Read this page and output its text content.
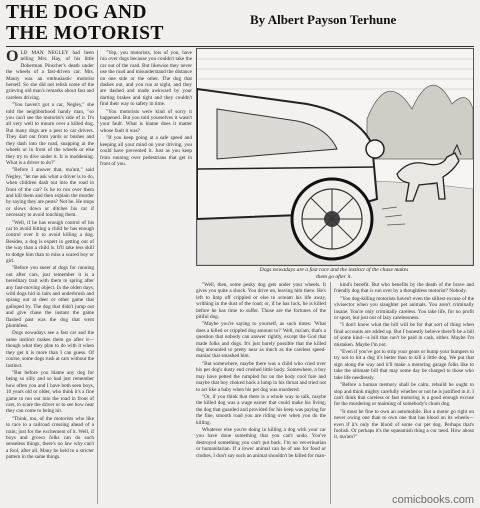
THE DOG AND
THE MOTORIST
By Albert Payson Terhune

OLD MAN NEGLEY had been telling Mrs. Hay, of his little Doberman Pinscher's death under the wheels of a fast-driven car. Mrs. Mauty was an enthusiastic motorist herself. So she did not relish some of the grieving old man's remarks about fast and careless driving.

"You haven't got a car, Negley," she told the neighborhood handy man, "so you can't see the motorist's side of it. It's all very well to mourn over a killed dog. But many dogs are a pest to car drivers. They dart out from yards or bushes and they dash into the road, snapping at the wheels or in front of the wheels or else they try to dive under it. It is maddening. What is a driver to do?"

"Before I answer that, ma'am," said Negley, "let me ask what a driver is to do, when children dash out into the road in front of the car? Is he to run over them and kill them and then explain the murder by saying they are pests? Not he. He stops or slows down or ditches his car if necessary to avoid touching them.

"Well, if he has enough control of his car to avoid hitting a child he has enough control over it to avoid killing a dog. Besides, a dog is expert in getting out of the way than a child is. It'll take less skill to dodge him than to miss a scared boy or girl.

"Before you sneer at dogs for running out after cars, just remember it is a hereditary trait with them to spring after any fast-moving object. In the olden days, wild dogs hid in lairs and underbrush and sprang out at deer or other game that galloped by. The dog that didn't jump out and give chase the instant the game flashed past was the dog that went plumbless.

Dogs nowadays see a fast car and the same instinct makes them go after it—though what they plan to do with it when they get it is more than I can guess. Of course, some dogs rush at cars without the instinct.

"But before you blame any dog for being so silly and so bad just remember how often you and I have both seen boys, 10 years old or older, who think it's a fine game to run out into the road in front of cars, to scare the driver or to see how near they can come to being hit.

"Think, too, of the motorists who like to race to a railroad crossing ahead of a train; just for the excitement of it. Well, if boys and grown folks can do such senseless things, there's no law why can't a fool, after all. Many be held to a stricter pattern in the same things.

"Yep, you motorists, lots of you, have run over dogs because you couldn't take the car out of the road. But likewise they never use the road and misunderstand the distance on one side or the other. The dog that dashes out, and you run at sight, and they are dashed and made awkward by your darting brakes and tight and they couldn't find their way to safety in time.

"You motorists were kind of sorry it happened. But you told yourselves it wasn't your fault. What is blame does it matter whose fault it was?

"If you keep going at a safe speed and keeping all your mind on your driving, you could have prevented it. Just as you keep from running over pedestrians that get in front of you.

Dogs nowadays are a fast race and the instinct of the chase makes
them go after it.

"Well, then, some pesky dog gets under your wheels. It gives you quite a shock. You drive on, leaving him there. He's left to limp off crippled or else to scream his life away, writhing in the dust of the road; or, if he has luck, he is killed before he has time to suffer. Those are the fortunes of the pitiful dog.

"Maybe you're saying to yourself, as such times: 'What does a killed or crippled dog amount to?' Well, ma'am, that's a question that nobody can answer rightly, except the God that made folks and dogs. It's just barely possible that the killed dog amounted to pretty near as much as the careless speed-maniac that smashed him.

"But somewhere, maybe there was a child who cried over his pet dog's dusty end crushed little body. Somewhere, a boy may have petted the rumpled fur on the body cool fore and maybe that boy choked back a lump in his throat and tried not to act like a baby when his pet dog was murdered.

"Or, if you think that there is a whole way to talk, maybe the killed dog was a wage earner that could make his living; the dog that guarded and provided for his keep was paying for the fine, smooth road you are riding over when you do the killing.

Whatever else you're doing in killing a dog with your car you have done something that you can't undo. You've destroyed something you can't put back. I'm no vet-erinarian or humanitarian. If a lower animal can be of use for food or clothes, I don't say such an animal shouldn't be killed for man-

kind's benefit. But who benefits by the death of the brave and friendly dog that is run over by a thoughtless motorist? Nobody.

"You dog-killing motorists haven't even the silliest excuse of the vivisector when you slaughter pet animals. You aren't criminally insane. You're only criminally careless. You take life, for no profit or sport, but just out of lazy carelessness.

"I don't know what the bill will be for that sort of thing when final accounts are added up. But I honestly believe there'll be a bill of some kind—a bill that can't be paid in cash, either. Maybe I'm mistaken. Maybe I'm not.

"Even if you've got to strip your gears or bump your bumpers to try not to hit a dog it's better than to kill a little dog. We put that sign along the way and it'll make a motoring garage folks like to take the ultimate bill that may some day be charged to those who take life needlessly.

"Before a human memory shall be calm, rebuild he ought to stop and think mighty carefully whether or not he is justified in it. I can't think that careless or fast motoring is a good enough excuse for the murdering or maiming of somebody's chum dog.

"It must be fine to own an automobile. But a motor go right on never owing one than to own one that has blood on its wheels—even if it's only the blood of some cur pet dog. Perhaps that's foolish. Or perhaps it's the squeamish thing a cur need. How about it, ma'am?"

comicbooks.com
